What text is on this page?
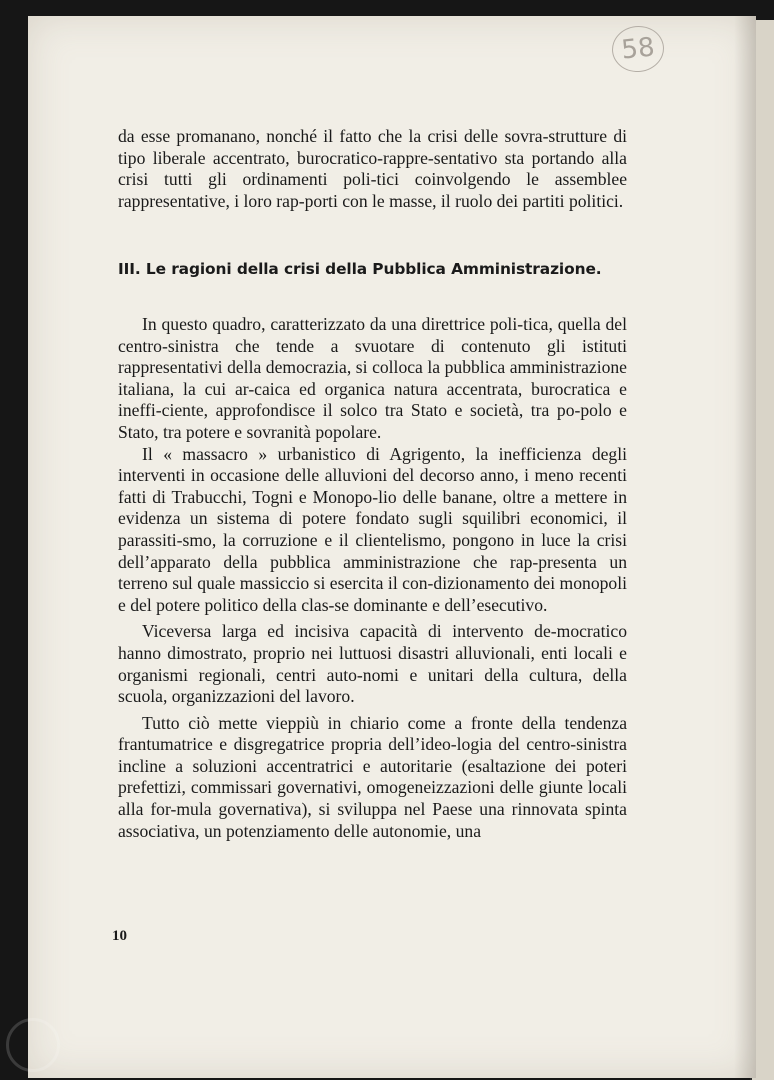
58

da esse promanano, nonché il fatto che la crisi delle sovra-strutture di tipo liberale accentrato, burocratico-rappre-sentativo sta portando alla crisi tutti gli ordinamenti poli-tici coinvolgendo le assemblee rappresentative, i loro rap-porti con le masse, il ruolo dei partiti politici.

III. Le ragioni della crisi della Pubblica Amministrazione.

In questo quadro, caratterizzato da una direttrice poli-tica, quella del centro-sinistra che tende a svuotare di contenuto gli istituti rappresentativi della democrazia, si colloca la pubblica amministrazione italiana, la cui ar-caica ed organica natura accentrata, burocratica e ineffi-ciente, approfondisce il solco tra Stato e società, tra po-polo e Stato, tra potere e sovranità popolare.

Il « massacro » urbanistico di Agrigento, la inefficienza degli interventi in occasione delle alluvioni del decorso anno, i meno recenti fatti di Trabucchi, Togni e Monopo-lio delle banane, oltre a mettere in evidenza un sistema di potere fondato sugli squilibri economici, il parassiti-smo, la corruzione e il clientelismo, pongono in luce la crisi dell’apparato della pubblica amministrazione che rap-presenta un terreno sul quale massiccio si esercita il con-dizionamento dei monopoli e del potere politico della clas-se dominante e dell’esecutivo.

Viceversa larga ed incisiva capacità di intervento de-mocratico hanno dimostrato, proprio nei luttuosi disastri alluvionali, enti locali e organismi regionali, centri auto-nomi e unitari della cultura, della scuola, organizzazioni del lavoro.

Tutto ciò mette vieppiù in chiario come a fronte della tendenza frantumatrice e disgregatrice propria dell’ideo-logia del centro-sinistra incline a soluzioni accentratrici e autoritarie (esaltazione dei poteri prefettizi, commissari governativi, omogeneizzazioni delle giunte locali alla for-mula governativa), si sviluppa nel Paese una rinnovata spinta associativa, un potenziamento delle autonomie, una

10
